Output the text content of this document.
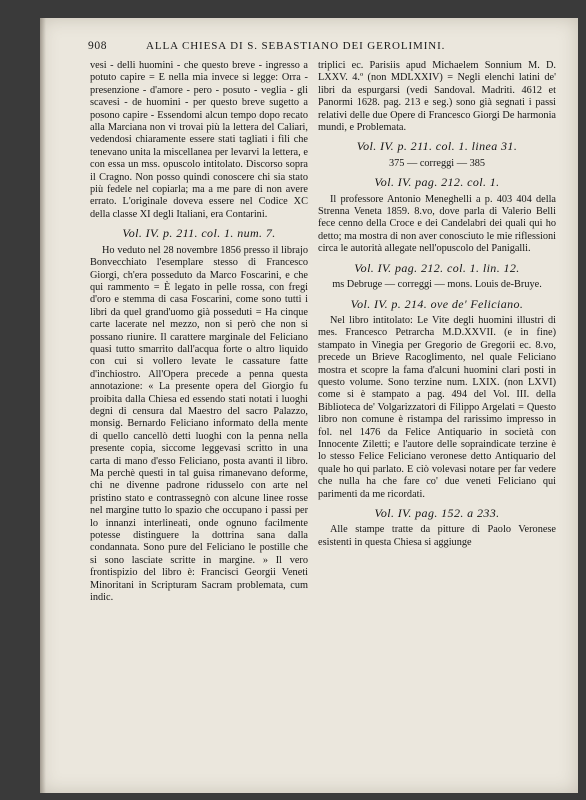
908	ALLA CHIESA DI S. SEBASTIANO DEI GEROLIMINI.

vesi - delli huomini - che questo breve - ingresso a potuto capire = E nella mia invece si legge: Orra - presenzione - d'amore - pero - posuto - veglia - gli scavesi - de huomini - per questo breve sugetto a posono capire - Essendomi alcun tempo dopo recato alla Marciana non vi trovai più la lettera del Caliari, vedendosi chiaramente essere stati tagliati i fili che tenevano unita la miscellanea per levarvi la lettera, e con essa un mss. opuscolo intitolato. Discorso sopra il Cragno. Non posso quindi conoscere chi sia stato più fedele nel copiarla; ma a me pare di non avere errato. L'originale doveva essere nel Codice XC della classe XI degli Italiani, era Contarini.

Vol. IV. p. 211. col. 1. num. 7.

Ho veduto nel 28 novembre 1856 presso il librajo Bonvecchiato l'esemplare stesso di Francesco Giorgi, ch'era posseduto da Marco Foscarini, e che qui rammento = È legato in pelle rossa, con fregi d'oro e stemma di casa Foscarini, come sono tutti i libri da quel grand'uomo già posseduti = Ha cinque carte lacerate nel mezzo, non si però che non si possano riunire. Il carattere marginale del Feliciano quasi tutto smarrito dall'acqua forte o altro liquido con cui si vollero levate le cassature fatte d'inchiostro. All'Opera precede a penna questa annotazione: « La presente opera del Giorgio fu proibita dalla Chiesa ed essendo stati notati i luoghi degni di censura dal Maestro del sacro Palazzo, monsig. Bernardo Feliciano informato della mente di quello cancellò detti luoghi con la penna nella presente copia, siccome leggevasi scritto in una carta di mano d'esso Feliciano, posta avanti il libro. Ma perchè questi in tal guisa rimanevano deforme, chi ne divenne padrone ridusselo con arte nel pristino stato e contrassegnò con alcune linee rosse nel margine tutto lo spazio che occupano i passi per lo innanzi interlineati, onde ognuno facilmente potesse distinguere la dottrina sana dalla condannata. Sono pure del Feliciano le postille che si sono lasciate scritte in margine. » Il vero frontispizio del libro è: Francisci Georgii Veneti Minoritani in Scripturam Sacram problemata, cum indic.

triplici ec. Parisiis apud Michaelem Sonnium M. D. LXXV. 4.º (non MDLXXIV) = Negli elenchi latini de' libri da espurgarsi (vedi Sandoval. Madriti. 4612 et Panormi 1628. pag. 213 e seg.) sono già segnati i passi relativi delle due Opere di Francesco Giorgi De harmonia mundi, e Problemata.

Vol. IV. p. 211. col. 1. linea 31.
375 — correggi — 385
Vol. IV. pag. 212. col. 1.

Il professore Antonio Meneghelli a p. 403 404 della Strenna Veneta 1859. 8.vo, dove parla di Valerio Belli fece cenno della Croce e dei Candelabri dei quali qui ho detto; ma mostra di non aver conosciuto le mie riflessioni circa le autorità allegate nell'opuscolo del Panigalli.

Vol. IV. pag. 212. col. 1. lin. 12.
ms Debruge — correggi — mons. Louis de-Bruye.
Vol. IV. p. 214. ove de' Feliciano.

Nel libro intitolato: Le Vite degli huomini illustri di mes. Francesco Petrarcha M.D.XXVII. (e in fine) stampato in Vinegia per Gregorio de Gregorii ec. 8.vo, precede un Brieve Racoglimento, nel quale Feliciano mostra et scopre la fama d'alcuni huomini clari posti in questo volume. Sono terzine num. LXIX. (non LXVI) come si è stampato a pag. 494 del Vol. III. della Biblioteca de' Volgarizzatori di Filippo Argelati = Questo libro non comune è ristampa del rarissimo impresso in fol. nel 1476 da Felice Antiquario in società con Innocente Ziletti; e l'autore delle sopraindicate terzine è lo stesso Felice Feliciano veronese detto Antiquario del quale ho qui parlato. E ciò volevasi notare per far vedere che nulla ha che fare co' due veneti Feliciano qui parimenti da me ricordati.

Vol. IV. pag. 152. a 233.

Alle stampe tratte da pitture di Paolo Veronese esistenti in questa Chiesa si aggiunge
